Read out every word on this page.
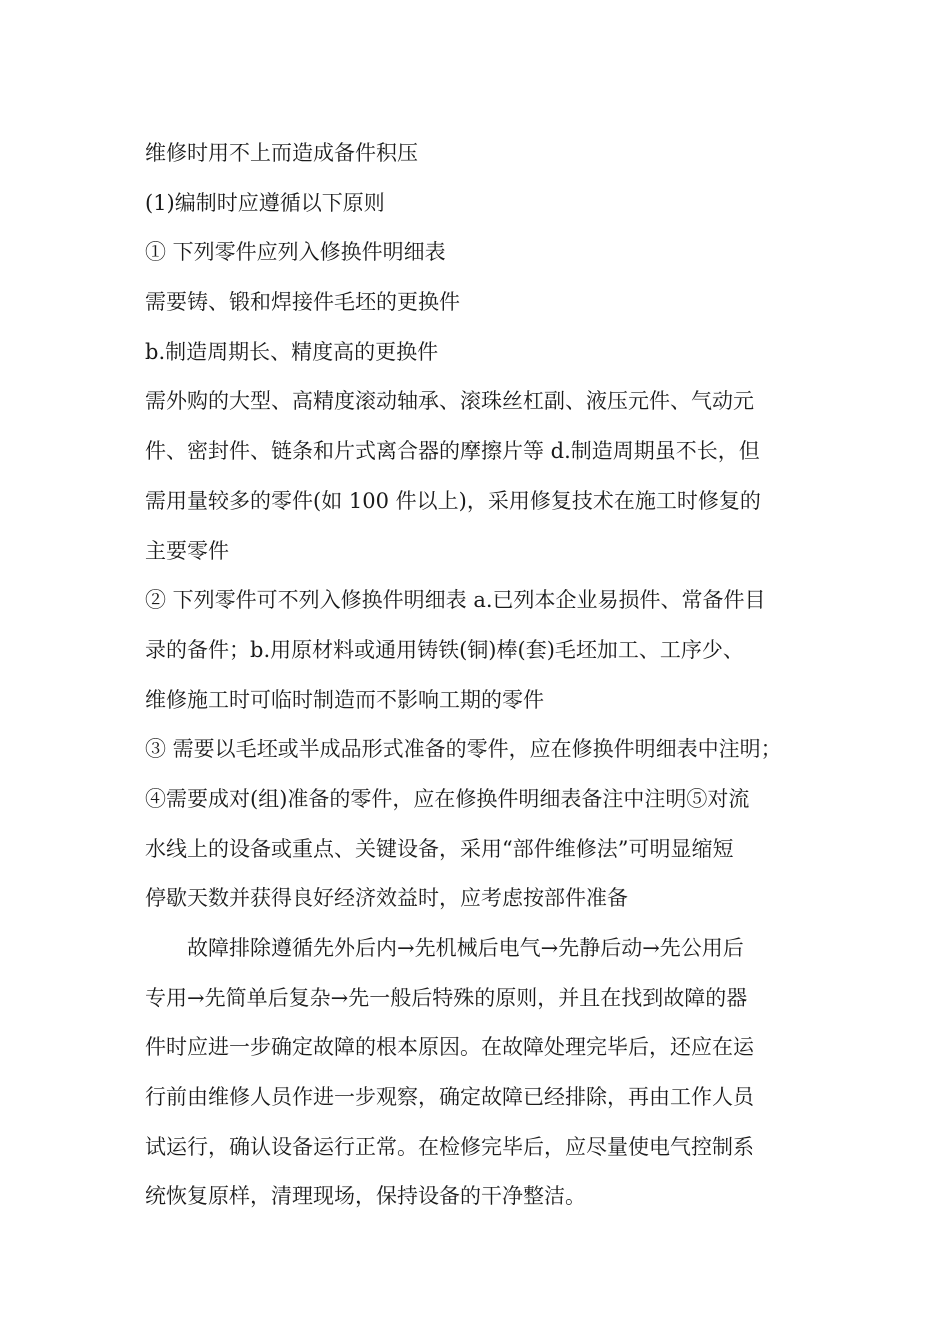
维修时用不上而造成备件积压
(1)编制时应遵循以下原则
① 下列零件应列入修换件明细表
需要铸、锻和焊接件毛坯的更换件
b.制造周期长、精度高的更换件
需外购的大型、高精度滚动轴承、滚珠丝杠副、液压元件、气动元
件、密封件、链条和片式离合器的摩擦片等 d.制造周期虽不长，但
需用量较多的零件(如 100 件以上)，采用修复技术在施工时修复的
主要零件
② 下列零件可不列入修换件明细表 a.已列本企业易损件、常备件目
录的备件；b.用原材料或通用铸铁(铜)棒(套)毛坯加工、工序少、
维修施工时可临时制造而不影响工期的零件
③ 需要以毛坯或半成品形式准备的零件，应在修换件明细表中注明；
④需要成对(组)准备的零件，应在修换件明细表备注中注明⑤对流
水线上的设备或重点、关键设备，采用“部件维修法”可明显缩短
停歇天数并获得良好经济效益时，应考虑按部件准备
故障排除遵循先外后内→先机械后电气→先静后动→先公用后
专用→先简单后复杂→先一般后特殊的原则，并且在找到故障的器
件时应进一步确定故障的根本原因。在故障处理完毕后，还应在运
行前由维修人员作进一步观察，确定故障已经排除，再由工作人员
试运行，确认设备运行正常。在检修完毕后，应尽量使电气控制系
统恢复原样，清理现场，保持设备的干净整洁。
